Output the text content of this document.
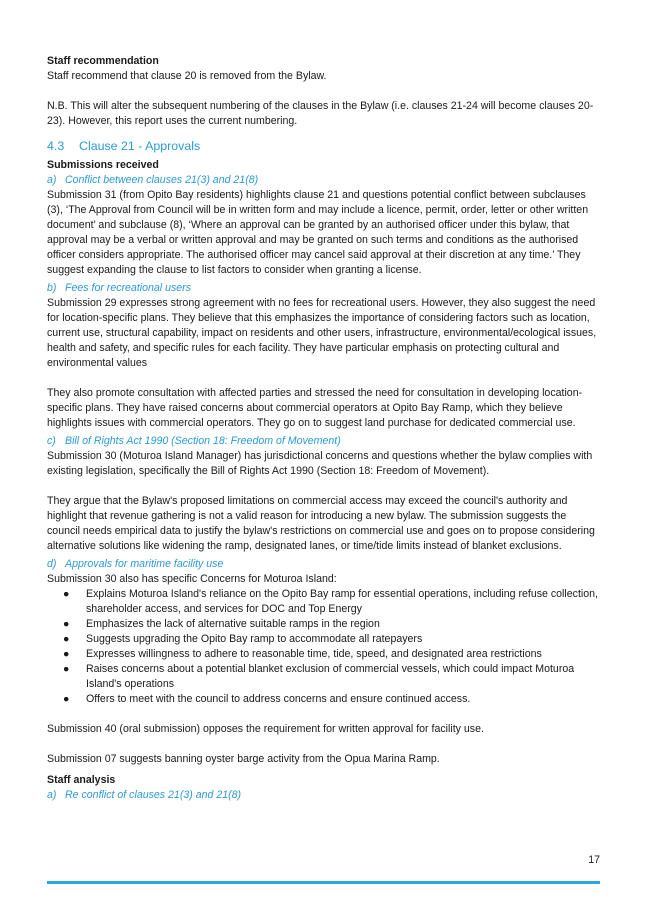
Staff recommendation

Staff recommend that clause 20 is removed from the Bylaw.

N.B. This will alter the subsequent numbering of the clauses in the Bylaw (i.e. clauses 21-24 will become clauses 20-23). However, this report uses the current numbering.

4.3 Clause 21 - Approvals

Submissions received

a) Conflict between clauses 21(3) and 21(8)

Submission 31 (from Opito Bay residents) highlights clause 21 and questions potential conflict between subclauses (3), ‘The Approval from Council will be in written form and may include a licence, permit, order, letter or other written document’ and subclause (8), ‘Where an approval can be granted by an authorised officer under this bylaw, that approval may be a verbal or written approval and may be granted on such terms and conditions as the authorised officer considers appropriate. The authorised officer may cancel said approval at their discretion at any time.’ They suggest expanding the clause to list factors to consider when granting a license.

b) Fees for recreational users

Submission 29 expresses strong agreement with no fees for recreational users. However, they also suggest the need for location-specific plans. They believe that this emphasizes the importance of considering factors such as location, current use, structural capability, impact on residents and other users, infrastructure, environmental/ecological issues, health and safety, and specific rules for each facility. They have particular emphasis on protecting cultural and environmental values

They also promote consultation with affected parties and stressed the need for consultation in developing location-specific plans. They have raised concerns about commercial operators at Opito Bay Ramp, which they believe highlights issues with commercial operators. They go on to suggest land purchase for dedicated commercial use.

c) Bill of Rights Act 1990 (Section 18: Freedom of Movement)

Submission 30 (Moturoa Island Manager) has jurisdictional concerns and questions whether the bylaw complies with existing legislation, specifically the Bill of Rights Act 1990 (Section 18: Freedom of Movement).

They argue that the Bylaw's proposed limitations on commercial access may exceed the council's authority and highlight that revenue gathering is not a valid reason for introducing a new bylaw. The submission suggests the council needs empirical data to justify the bylaw's restrictions on commercial use and goes on to propose considering alternative solutions like widening the ramp, designated lanes, or time/tide limits instead of blanket exclusions.

d) Approvals for maritime facility use

Submission 30 also has specific Concerns for Moturoa Island:

● Explains Moturoa Island's reliance on the Opito Bay ramp for essential operations, including refuse collection, shareholder access, and services for DOC and Top Energy
● Emphasizes the lack of alternative suitable ramps in the region
● Suggests upgrading the Opito Bay ramp to accommodate all ratepayers
● Expresses willingness to adhere to reasonable time, tide, speed, and designated area restrictions
● Raises concerns about a potential blanket exclusion of commercial vessels, which could impact Moturoa Island's operations
● Offers to meet with the council to address concerns and ensure continued access.

Submission 40 (oral submission) opposes the requirement for written approval for facility use.

Submission 07 suggests banning oyster barge activity from the Opua Marina Ramp.

Staff analysis

a) Re conflict of clauses 21(3) and 21(8)

17
